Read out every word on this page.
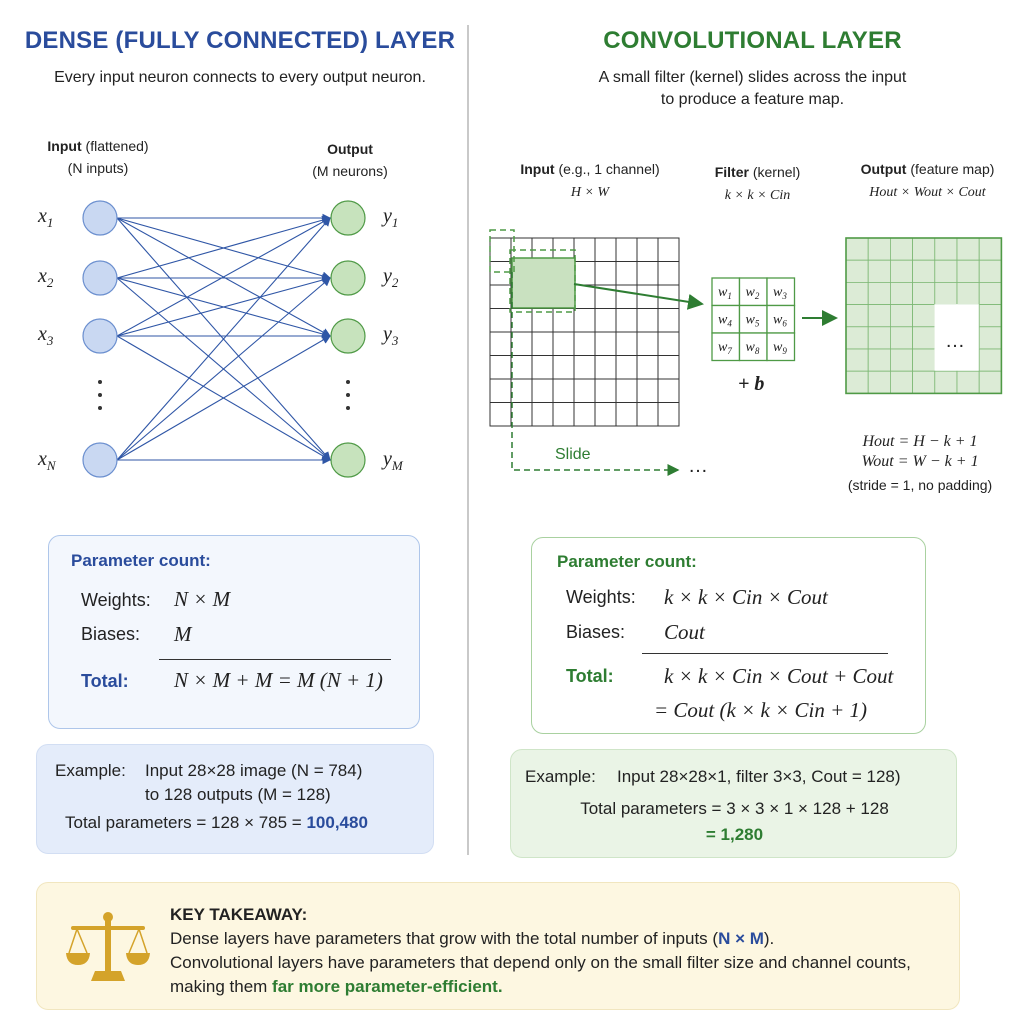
DENSE (FULLY CONNECTED) LAYER
Every input neuron connects to every output neuron.
Input (flattened)
(N inputs)
Output
(M neurons)
$x_1$
$x_2$
$x_3$
$x_N$
$y_1$
$y_2$
$y_3$
$y_M$
Parameter count:
Weights: N × M
Biases: M
Total: N × M + M = M (N + 1)
Example: Input 28×28 image (N = 784)
to 128 outputs (M = 128)
Total parameters = 128 × 785 = 100,480
CONVOLUTIONAL LAYER
A small filter (kernel) slides across the input
to produce a feature map.
Input (e.g., 1 channel)
H × W
Filter (kernel)
k × k × Cin
Output (feature map)
Hout × Wout × Cout
$w_1$ $w_2$ $w_3$
$w_4$ $w_5$ $w_6$
$w_7$ $w_8$ $w_9$
+ b
Slide
…
…
Hout = H − k + 1
Wout = W − k + 1
(stride = 1, no padding)
Parameter count:
Weights: k × k × Cin × Cout
Biases: Cout
Total: k × k × Cin × Cout + Cout
= Cout (k × k × Cin + 1)
Example: Input 28×28×1, filter 3×3, Cout = 128)
Total parameters = 3 × 3 × 1 × 128 + 128
= 1,280
KEY TAKEAWAY:
Dense layers have parameters that grow with the total number of inputs (N × M).
Convolutional layers have parameters that depend only on the small filter size and channel counts,
making them far more parameter-efficient.
